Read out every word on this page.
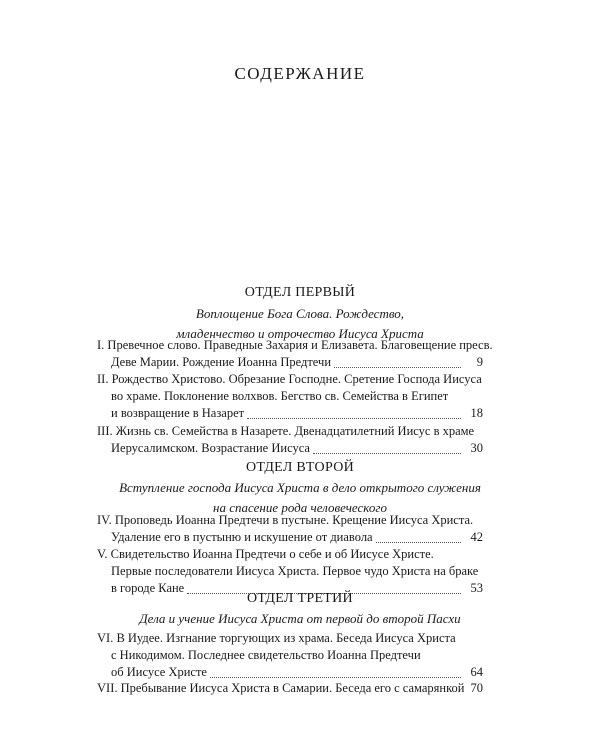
СОДЕРЖАНИЕ
ОТДЕЛ ПЕРВЫЙ
Воплощение Бога Слова. Рождество,
младенчество и отрочество Иисуса Христа
I. Превечное слово. Праведные Захария и Елизавета. Благовещение пресв.
Деве Марии. Рождение Иоанна Предтечи	9
II. Рождество Христово. Обрезание Господне. Сретение Господа Иисуса
во храме. Поклонение волхвов. Бегство св. Семейства в Египет
и возвращение в Назарет	18
III. Жизнь св. Семейства в Назарете. Двенадцатилетний Иисус в храме
Иерусалимском. Возрастание Иисуса	30
ОТДЕЛ ВТОРОЙ
Вступление господа Иисуса Христа в дело открытого служения
на спасение рода человеческого
IV. Проповедь Иоанна Предтечи в пустыне. Крещение Иисуса Христа.
Удаление его в пустыню и искушение от диавола	42
V. Свидетельство Иоанна Предтечи о себе и об Иисусе Христе.
Первые последователи Иисуса Христа. Первое чудо Христа на браке
в городе Кане	53
ОТДЕЛ ТРЕТИЙ
Дела и учение Иисуса Христа от первой до второй Пасхи
VI. В Иудее. Изгнание торгующих из храма. Беседа Иисуса Христа
с Никодимом. Последнее свидетельство Иоанна Предтечи
об Иисусе Христе	64
VII. Пребывание Иисуса Христа в Самарии. Беседа его с самарянкой 70
